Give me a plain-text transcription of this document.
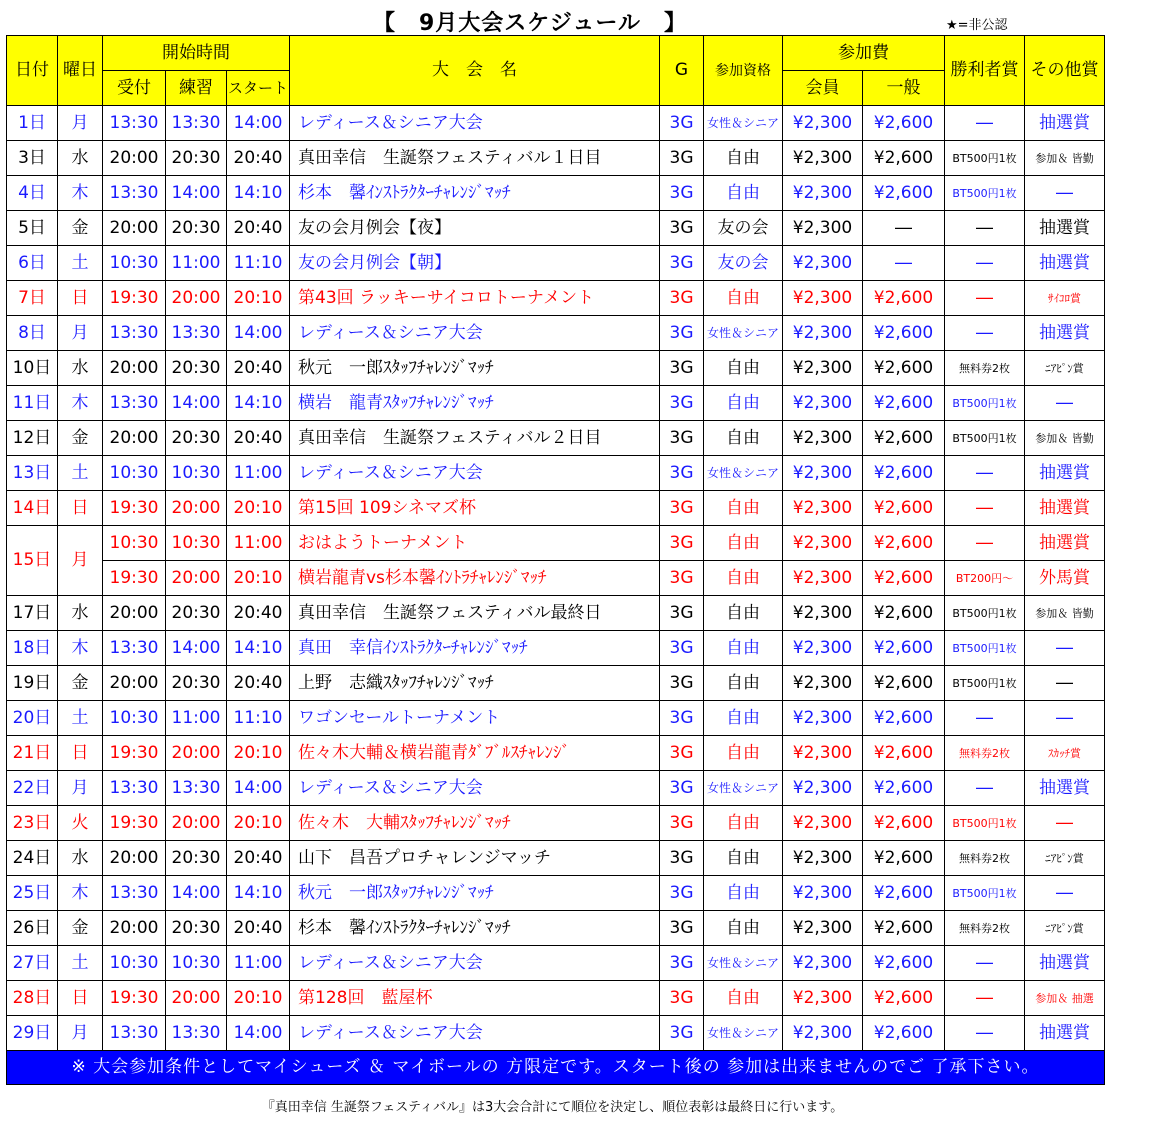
【　9月大会スケジュール　】	★=非公認
日付	曜日	開始時間			大　会　名	G	参加資格	参加費		勝利者賞	その他賞
		受付	練習	スタート				会員	一般		
1日	月	13:30	13:30	14:00	レディース＆シニア大会	3G	女性＆シニア	¥2,300	¥2,600	―	抽選賞
3日	水	20:00	20:30	20:40	真田幸信　生誕祭フェスティバル１日目	3G	自由	¥2,300	¥2,600	BT500円1枚	参加＆ 皆勤
4日	木	13:30	14:00	14:10	杉本　馨ｲﾝｽﾄﾗｸﾀｰﾁｬﾚﾝｼﾞﾏｯﾁ	3G	自由	¥2,300	¥2,600	BT500円1枚	―
5日	金	20:00	20:30	20:40	友の会月例会【夜】	3G	友の会	¥2,300	―	―	抽選賞
6日	土	10:30	11:00	11:10	友の会月例会【朝】	3G	友の会	¥2,300	―	―	抽選賞
7日	日	19:30	20:00	20:10	第43回 ラッキーサイコロトーナメント	3G	自由	¥2,300	¥2,600	―	ｻｲｺﾛ賞
8日	月	13:30	13:30	14:00	レディース＆シニア大会	3G	女性＆シニア	¥2,300	¥2,600	―	抽選賞
10日	水	20:00	20:30	20:40	秋元　一郎ｽﾀｯﾌﾁｬﾚﾝｼﾞﾏｯﾁ	3G	自由	¥2,300	¥2,600	無料券2枚	ﾆｱﾋﾟﾝ賞
11日	木	13:30	14:00	14:10	横岩　龍青ｽﾀｯﾌﾁｬﾚﾝｼﾞﾏｯﾁ	3G	自由	¥2,300	¥2,600	BT500円1枚	―
12日	金	20:00	20:30	20:40	真田幸信　生誕祭フェスティバル２日目	3G	自由	¥2,300	¥2,600	BT500円1枚	参加＆ 皆勤
13日	土	10:30	10:30	11:00	レディース＆シニア大会	3G	女性＆シニア	¥2,300	¥2,600	―	抽選賞
14日	日	19:30	20:00	20:10	第15回 109シネマズ杯	3G	自由	¥2,300	¥2,600	―	抽選賞
15日	月	10:30	10:30	11:00	おはようトーナメント	3G	自由	¥2,300	¥2,600	―	抽選賞
		19:30	20:00	20:10	横岩龍青vs杉本馨ｲﾝﾄﾗﾁｬﾚﾝｼﾞﾏｯﾁ	3G	自由	¥2,300	¥2,600	BT200円～	外馬賞
17日	水	20:00	20:30	20:40	真田幸信　生誕祭フェスティバル最終日	3G	自由	¥2,300	¥2,600	BT500円1枚	参加＆ 皆勤
18日	木	13:30	14:00	14:10	真田　幸信ｲﾝｽﾄﾗｸﾀｰﾁｬﾚﾝｼﾞﾏｯﾁ	3G	自由	¥2,300	¥2,600	BT500円1枚	―
19日	金	20:00	20:30	20:40	上野　志織ｽﾀｯﾌﾁｬﾚﾝｼﾞﾏｯﾁ	3G	自由	¥2,300	¥2,600	BT500円1枚	―
20日	土	10:30	11:00	11:10	ワゴンセールトーナメント	3G	自由	¥2,300	¥2,600	―	―
21日	日	19:30	20:00	20:10	佐々木大輔＆横岩龍青ﾀﾞﾌﾞﾙｽﾁｬﾚﾝｼﾞ	3G	自由	¥2,300	¥2,600	無料券2枚	ｽｶｯﾁ賞
22日	月	13:30	13:30	14:00	レディース＆シニア大会	3G	女性＆シニア	¥2,300	¥2,600	―	抽選賞
23日	火	19:30	20:00	20:10	佐々木　大輔ｽﾀｯﾌﾁｬﾚﾝｼﾞﾏｯﾁ	3G	自由	¥2,300	¥2,600	BT500円1枚	―
24日	水	20:00	20:30	20:40	山下　昌吾プロチャレンジマッチ	3G	自由	¥2,300	¥2,600	無料券2枚	ﾆｱﾋﾟﾝ賞
25日	木	13:30	14:00	14:10	秋元　一郎ｽﾀｯﾌﾁｬﾚﾝｼﾞﾏｯﾁ	3G	自由	¥2,300	¥2,600	BT500円1枚	―
26日	金	20:00	20:30	20:40	杉本　馨ｲﾝｽﾄﾗｸﾀｰﾁｬﾚﾝｼﾞﾏｯﾁ	3G	自由	¥2,300	¥2,600	無料券2枚	ﾆｱﾋﾟﾝ賞
27日	土	10:30	10:30	11:00	レディース＆シニア大会	3G	女性＆シニア	¥2,300	¥2,600	―	抽選賞
28日	日	19:30	20:00	20:10	第128回　藍屋杯	3G	自由	¥2,300	¥2,600	―	参加＆ 抽選
29日	月	13:30	13:30	14:00	レディース＆シニア大会	3G	女性＆シニア	¥2,300	¥2,600	―	抽選賞
※ 大会参加条件としてマイシューズ ＆ マイボールの 方限定です。スタート後の 参加は出来ませんのでご 了承下さい。											
『真田幸信 生誕祭フェスティバル』は3大会合計にて順位を決定し、順位表彰は最終日に行います。
